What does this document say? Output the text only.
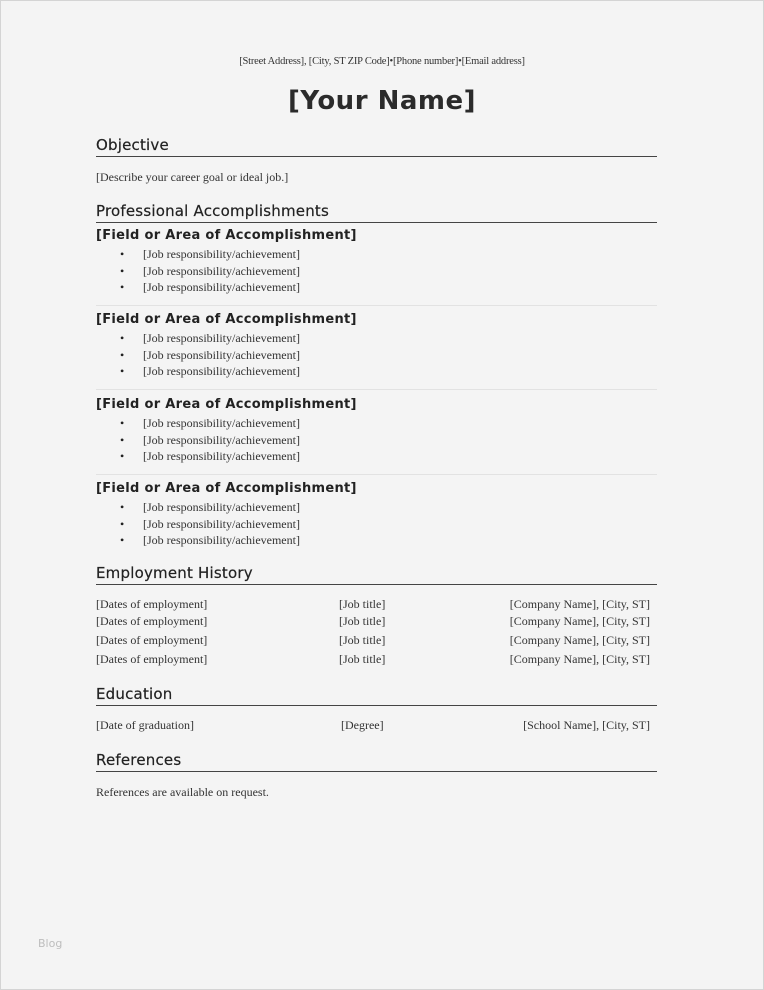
[Street Address], [City, ST ZIP Code]•[Phone number]•[Email address]
[Your Name]
Objective
[Describe your career goal or ideal job.]
Professional Accomplishments
[Field or Area of Accomplishment]
• [Job responsibility/achievement]
• [Job responsibility/achievement]
• [Job responsibility/achievement]
[Field or Area of Accomplishment]
• [Job responsibility/achievement]
• [Job responsibility/achievement]
• [Job responsibility/achievement]
[Field or Area of Accomplishment]
• [Job responsibility/achievement]
• [Job responsibility/achievement]
• [Job responsibility/achievement]
[Field or Area of Accomplishment]
• [Job responsibility/achievement]
• [Job responsibility/achievement]
• [Job responsibility/achievement]
Employment History
[Dates of employment]	[Job title]	[Company Name], [City, ST]
[Dates of employment]	[Job title]	[Company Name], [City, ST]
[Dates of employment]	[Job title]	[Company Name], [City, ST]
[Dates of employment]	[Job title]	[Company Name], [City, ST]
Education
[Date of graduation]	[Degree]	[School Name], [City, ST]
References
References are available on request.
Blog
